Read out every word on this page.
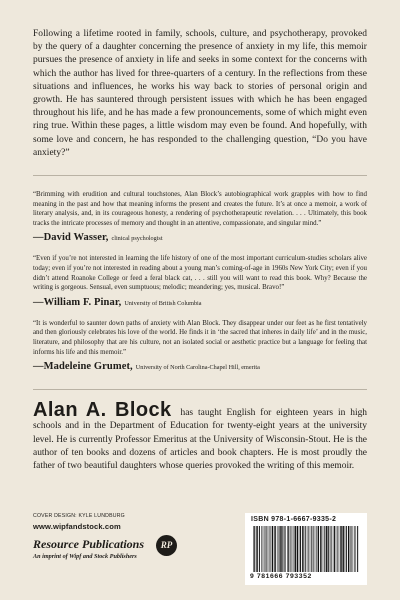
Following a lifetime rooted in family, schools, culture, and psychotherapy, provoked by the query of a daughter concerning the presence of anxiety in my life, this memoir pursues the presence of anxiety in life and seeks in some context for the concerns with which the author has lived for three-quarters of a century. In the reflections from these situations and influences, he works his way back to stories of personal origin and growth. He has sauntered through persistent issues with which he has been engaged throughout his life, and he has made a few pronouncements, some of which might even ring true. Within these pages, a little wisdom may even be found. And hopefully, with some love and concern, he has responded to the challenging question, “Do you have anxiety?”

“Brimming with erudition and cultural touchstones, Alan Block’s autobiographical work grapples with how to find meaning in the past and how that meaning informs the present and creates the future. It’s at once a memoir, a work of literary analysis, and, in its courageous honesty, a rendering of psychotherapeutic revelation. . . . Ultimately, this book tracks the intricate processes of memory and thought in an attentive, compassionate, and singular mind.”

—David Wasser, clinical psychologist

“Even if you’re not interested in learning the life history of one of the most important curriculum-studies scholars alive today; even if you’re not interested in reading about a young man’s coming-of-age in 1960s New York City; even if you didn’t attend Roanoke College or feed a feral black cat, . . . still you will want to read this book. Why? Because the writing is gorgeous. Sensual, even sumptuous; melodic; meandering; yes, musical. Bravo!”

—William F. Pinar, University of British Columbia

“It is wonderful to saunter down paths of anxiety with Alan Block. They disappear under our feet as he first tentatively and then gloriously celebrates his love of the world. He finds it in ‘the sacred that inheres in daily life’ and in the music, literature, and philosophy that are his culture, not an isolated social or aesthetic practice but a language for feeling that informs his life and this memoir.”

—Madeleine Grumet, University of North Carolina-Chapel Hill, emerita

Alan A. Block has taught English for eighteen years in high schools and in the Department of Education for twenty-eight years at the university level. He is currently Professor Emeritus at the University of Wisconsin-Stout. He is the author of ten books and dozens of articles and book chapters. He is most proudly the father of two beautiful daughters whose queries provoked the writing of this memoir.

COVER DESIGN: KYLE LUNDBURG
www.wipfandstock.com
Resource Publications
An imprint of Wipf and Stock Publishers
RP
ISBN 978-1-6667-9335-2
9 781666 793352
